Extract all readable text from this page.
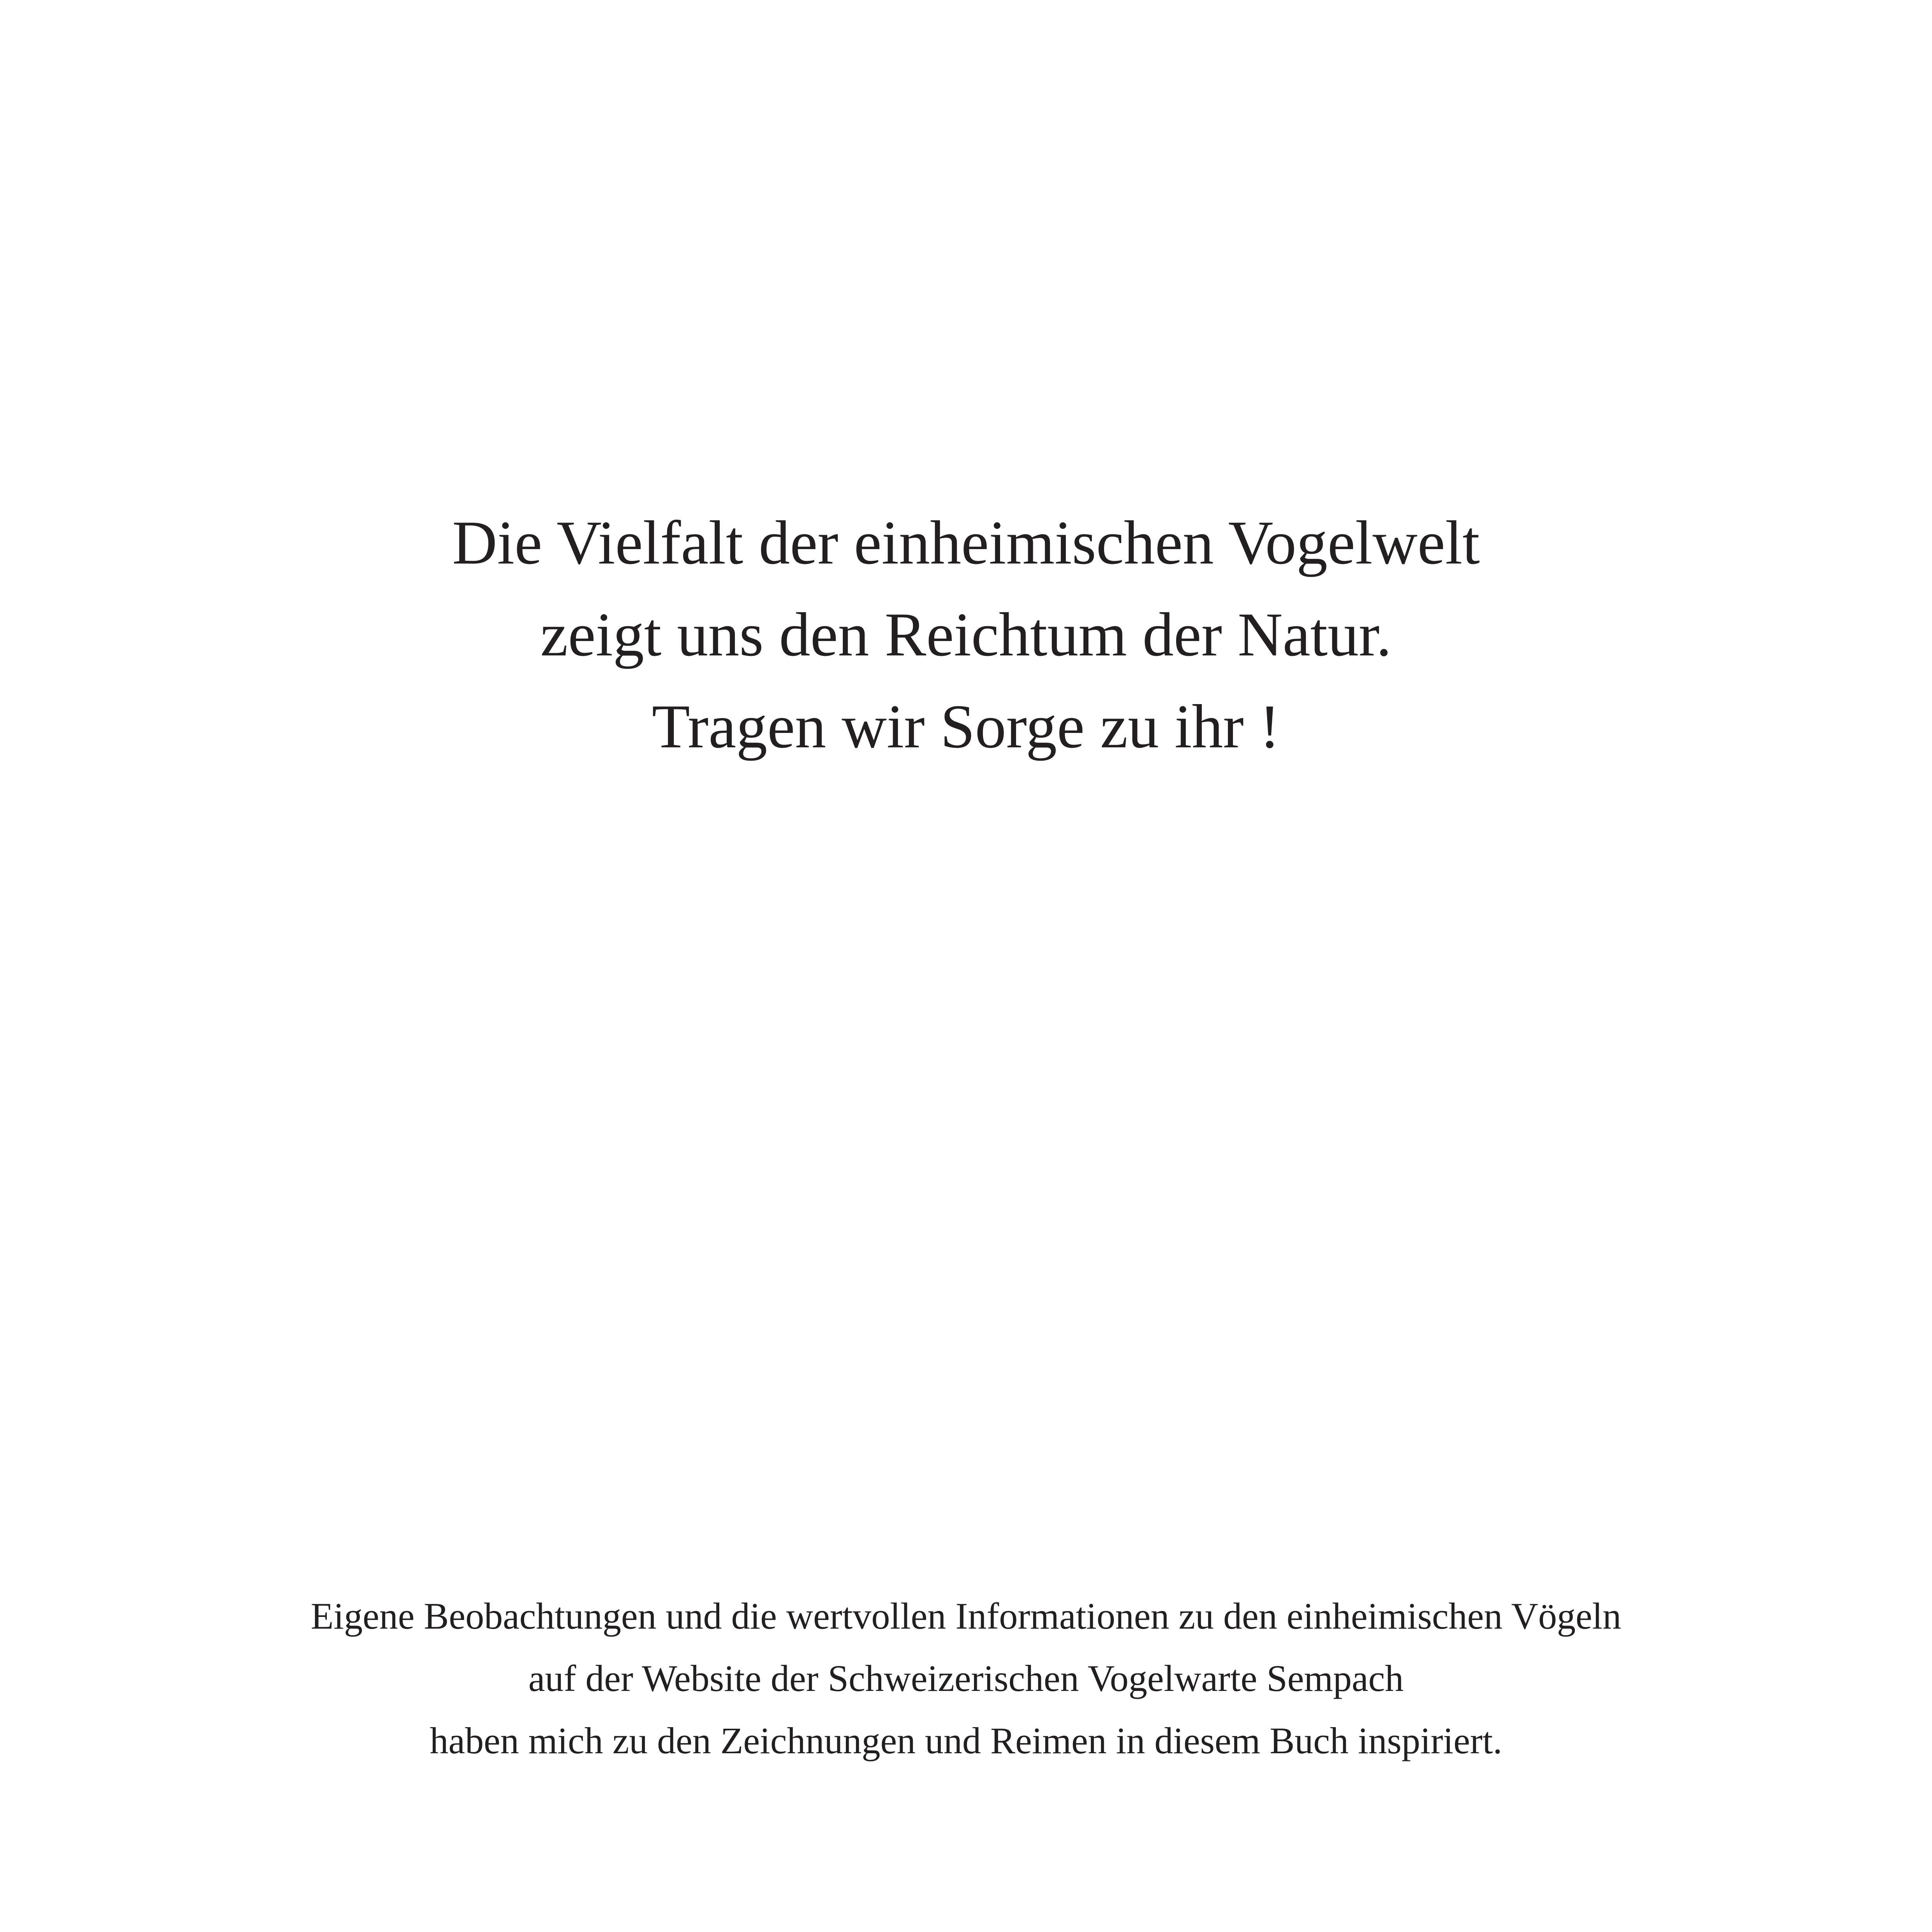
Die Vielfalt der einheimischen Vogelwelt
zeigt uns den Reichtum der Natur.
Tragen wir Sorge zu ihr !
Eigene Beobachtungen und die wertvollen Informationen zu den einheimischen Vögeln
auf der Website der Schweizerischen Vogelwarte Sempach
haben mich zu den Zeichnungen und Reimen in diesem Buch inspiriert.
